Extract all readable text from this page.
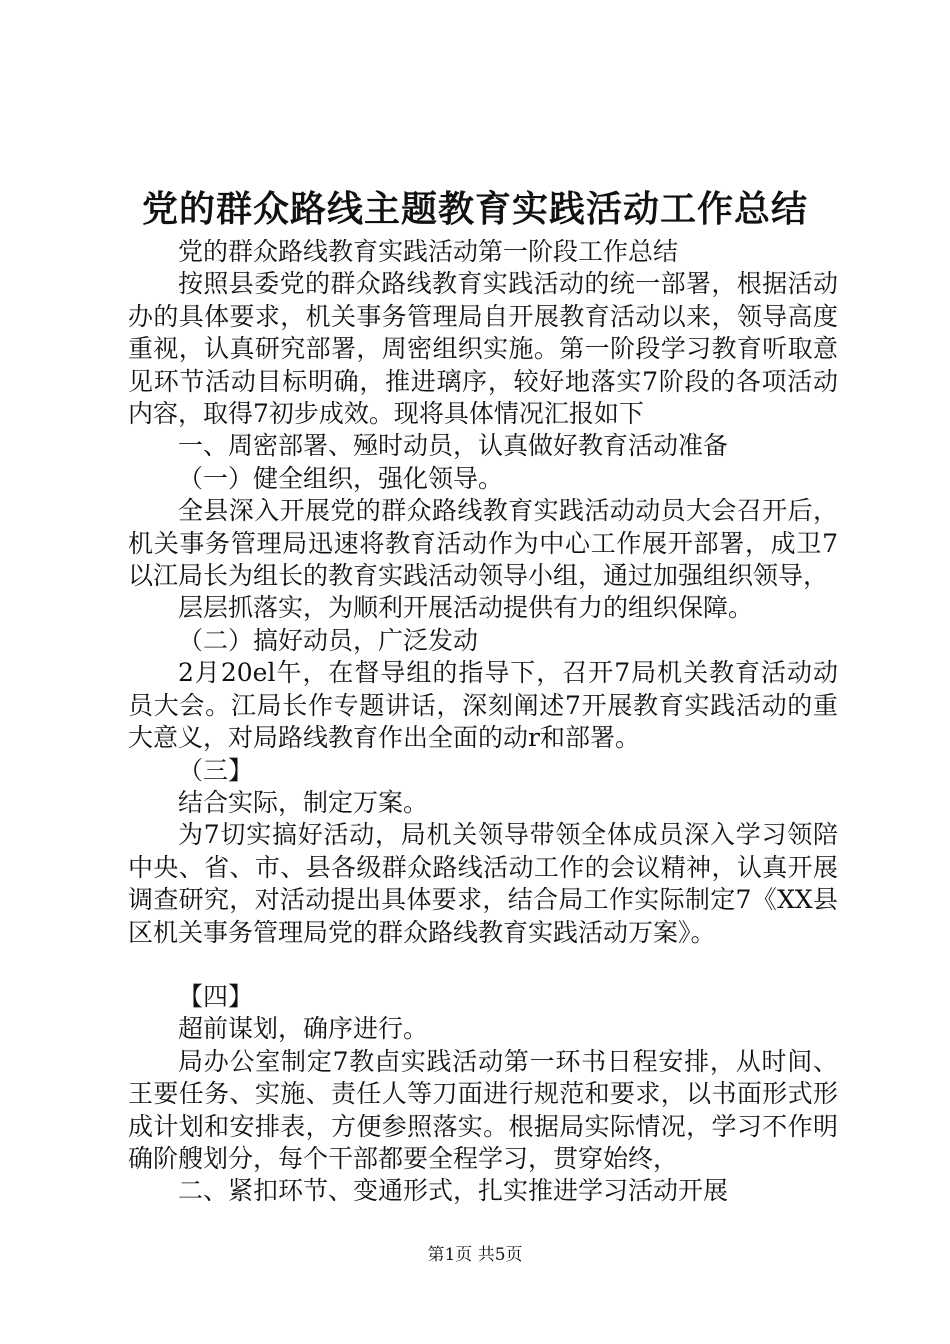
党的群众路线主题教育实践活动工作总结

党的群众路线教育实践活动第一阶段工作总结

按照县委党的群众路线教育实践活动的统一部署，根据活动办的具体要求，机关事务管理局自开展教育活动以来，领导高度重视，认真研究部署，周密组织实施。第一阶段学习教育听取意见环节活动目标明确，推进璃序，较好地落实7阶段的各项活动内容，取得7初步成效。现将具体情况汇报如下

一、周密部署、殛时动员，认真做好教育活动准备

（一）健全组织，强化领导。

全县深入开展党的群众路线教育实践活动动员大会召开后，机关事务管理局迅速将教育活动作为中心工作展开部署，成卫7以江局长为组长的教育实践活动领导小组，通过加强组织领导，

层层抓落实，为顺利开展活动提供有力的组织保障。

（二）搞好动员，广泛发动

2月20el午，在督导组的指导下，召开7局机关教育活动动员大会。江局长作专题讲话，深刻阐述7开展教育实践活动的重大意义，对局路线教育作出全面的动r和部署。

（三】

结合实际，制定万案。

为7切实搞好活动，局机关领导带领全体成员深入学习领陪中央、省、市、县各级群众路线活动工作的会议精神，认真开展调查研究，对活动提出具体要求，结合局工作实际制定7《XX县区机关事务管理局党的群众路线教育实践活动万案》。

【四】

超前谋划，确序进行。

局办公室制定7教卣实践活动第一环书日程安排，从时间、王要任务、实施、责任人等刀面进行规范和要求，以书面形式形成计划和安排表，方便参照落实。根据局实际情况，学习不作明确阶艘划分，每个干部都要全程学习，贯穿始终，

二、紧扣环节、变通形式，扎实推进学习活动开展

第1页 共5页
